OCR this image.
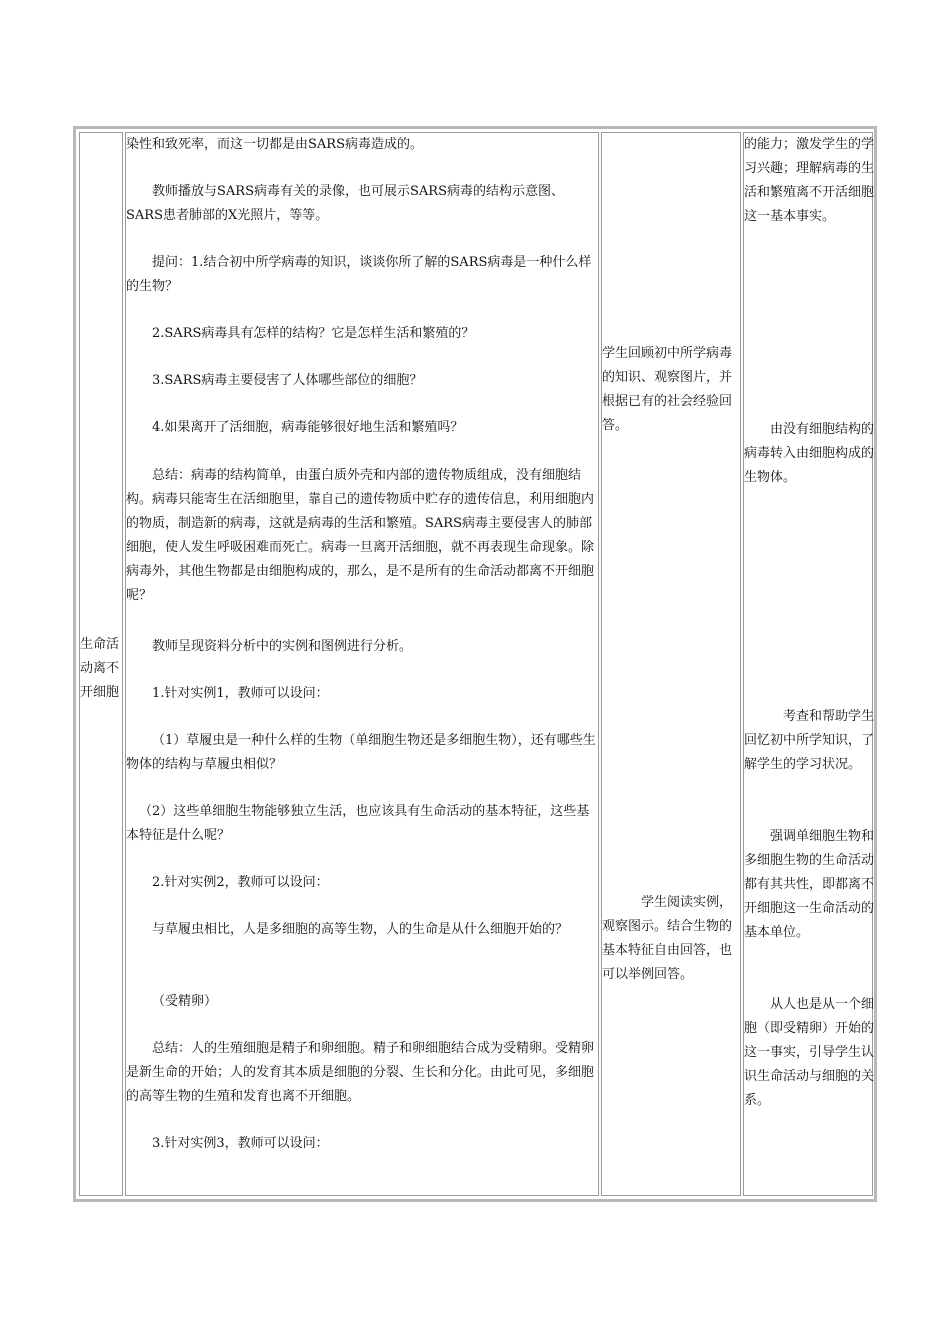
生命活动离不开细胞

染性和致死率，而这一切都是由SARS病毒造成的。

教师播放与SARS病毒有关的录像，也可展示SARS病毒的结构示意图、SARS患者肺部的X光照片，等等。

提问：1.结合初中所学病毒的知识，谈谈你所了解的SARS病毒是一种什么样的生物？

2.SARS病毒具有怎样的结构？它是怎样生活和繁殖的？

3.SARS病毒主要侵害了人体哪些部位的细胞？

4.如果离开了活细胞，病毒能够很好地生活和繁殖吗？

总结：病毒的结构简单，由蛋白质外壳和内部的遗传物质组成，没有细胞结构。病毒只能寄生在活细胞里，靠自己的遗传物质中贮存的遗传信息，利用细胞内的物质，制造新的病毒，这就是病毒的生活和繁殖。SARS病毒主要侵害人的肺部细胞，使人发生呼吸困难而死亡。病毒一旦离开活细胞，就不再表现生命现象。除病毒外，其他生物都是由细胞构成的，那么，是不是所有的生命活动都离不开细胞呢？

教师呈现资料分析中的实例和图例进行分析。

1.针对实例1，教师可以设问：

（1）草履虫是一种什么样的生物（单细胞生物还是多细胞生物），还有哪些生物体的结构与草履虫相似？

（2）这些单细胞生物能够独立生活，也应该具有生命活动的基本特征，这些基本特征是什么呢？

2.针对实例2，教师可以设问：

与草履虫相比，人是多细胞的高等生物，人的生命是从什么细胞开始的？

（受精卵）

总结：人的生殖细胞是精子和卵细胞。精子和卵细胞结合成为受精卵。受精卵是新生命的开始；人的发育其本质是细胞的分裂、生长和分化。由此可见，多细胞的高等生物的生殖和发育也离不开细胞。

3.针对实例3，教师可以设问：

学生回顾初中所学病毒的知识、观察图片，并根据已有的社会经验回答。

学生阅读实例，观察图示。结合生物的基本特征自由回答，也可以举例回答。

的能力；激发学生的学习兴趣；理解病毒的生活和繁殖离不开活细胞这一基本事实。

由没有细胞结构的病毒转入由细胞构成的生物体。

考查和帮助学生回忆初中所学知识，了解学生的学习状况。

强调单细胞生物和多细胞生物的生命活动都有其共性，即都离不开细胞这一生命活动的基本单位。

从人也是从一个细胞（即受精卵）开始的这一事实，引导学生认识生命活动与细胞的关系。
